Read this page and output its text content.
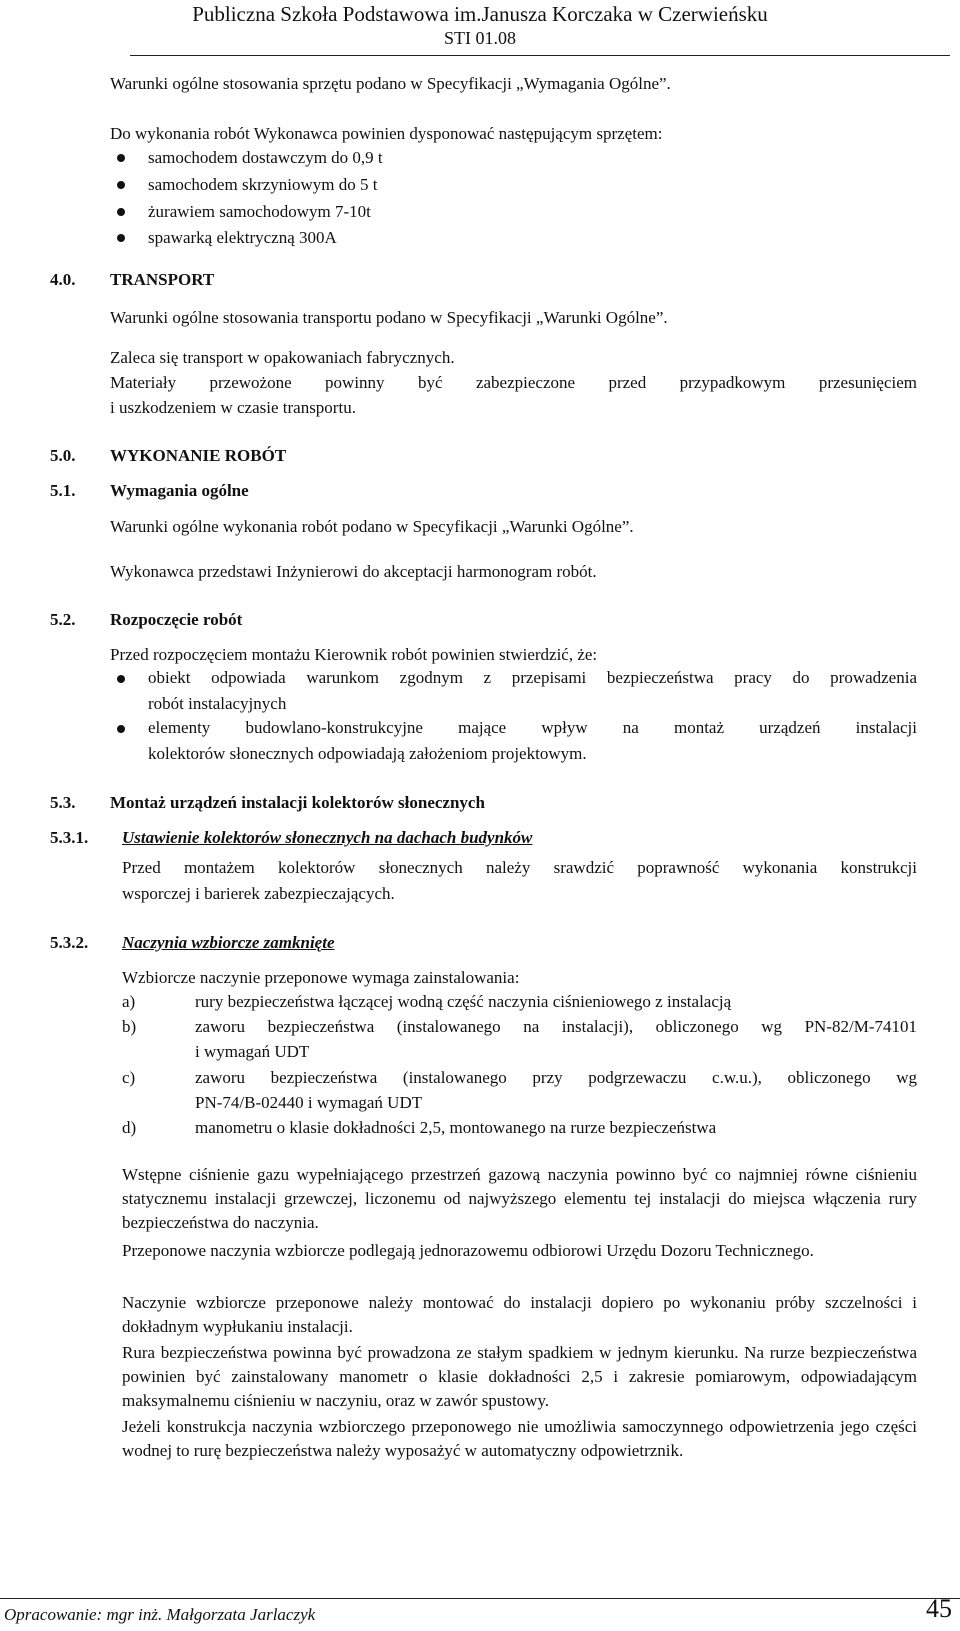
Publiczna Szkoła Podstawowa im.Janusza Korczaka w Czerwieńsku
STI 01.08
Warunki ogólne stosowania sprzętu podano w Specyfikacji „Wymagania Ogólne”.
Do wykonania robót Wykonawca powinien dysponować następującym sprzętem:
samochodem dostawczym do 0,9 t
samochodem skrzyniowym do 5 t
żurawiem samochodowym 7-10t
spawarką elektryczną 300A
4.0. TRANSPORT
Warunki ogólne stosowania transportu podano w Specyfikacji „Warunki Ogólne”.
Zaleca się transport w opakowaniach fabrycznych.
Materiały przewożone powinny być zabezpieczone przed przypadkowym przesunięciem
i uszkodzeniem w czasie transportu.
5.0. WYKONANIE ROBÓT
5.1. Wymagania ogólne
Warunki ogólne wykonania robót podano w Specyfikacji „Warunki Ogólne”.
Wykonawca przedstawi Inżynierowi do akceptacji harmonogram robót.
5.2. Rozpoczęcie robót
Przed rozpoczęciem montażu Kierownik robót powinien stwierdzić, że:
obiekt odpowiada warunkom zgodnym z przepisami bezpieczeństwa pracy do prowadzenia
robót instalacyjnych
elementy budowlano-konstrukcyjne mające wpływ na montaż urządzeń instalacji
kolektorów słonecznych odpowiadają założeniom projektowym.
5.3. Montaż urządzeń instalacji kolektorów słonecznych
5.3.1. Ustawienie kolektorów słonecznych na dachach budynków
Przed montażem kolektorów słonecznych należy srawdzić poprawność wykonania konstrukcji
wsporczej i barierek zabezpieczających.
5.3.2. Naczynia wzbiorcze zamknięte
Wzbiorcze naczynie przeponowe wymaga zainstalowania:
a)	rury bezpieczeństwa łączącej wodną część naczynia ciśnieniowego z instalacją
b)	zaworu bezpieczeństwa (instalowanego na instalacji), obliczonego wg PN-82/M-74101
i wymagań UDT
c)	zaworu bezpieczeństwa (instalowanego przy podgrzewaczu c.w.u.), obliczonego wg
PN-74/B-02440 i wymagań UDT
d)	manometru o klasie dokładności 2,5, montowanego na rurze bezpieczeństwa
Wstępne ciśnienie gazu wypełniającego przestrzeń gazową naczynia powinno być co najmniej równe ciśnieniu statycznemu instalacji grzewczej, liczonemu od najwyższego elementu tej instalacji do miejsca włączenia rury bezpieczeństwa do naczynia.
Przeponowe naczynia wzbiorcze podlegają jednorazowemu odbiorowi Urzędu Dozoru Technicznego.
Naczynie wzbiorcze przeponowe należy montować do instalacji dopiero po wykonaniu próby szczelności i dokładnym wypłukaniu instalacji.
Rura bezpieczeństwa powinna być prowadzona ze stałym spadkiem w jednym kierunku. Na rurze bezpieczeństwa powinien być zainstalowany manometr o klasie dokładności 2,5 i zakresie pomiarowym, odpowiadającym maksymalnemu ciśnieniu w naczyniu, oraz w zawór spustowy.
Jeżeli konstrukcja naczynia wzbiorczego przeponowego nie umożliwia samoczynnego odpowietrzenia jego części wodnej to rurę bezpieczeństwa należy wyposażyć w automatyczny odpowietrznik.
Opracowanie: mgr inż. Małgorzata Jarlaczyk	45
